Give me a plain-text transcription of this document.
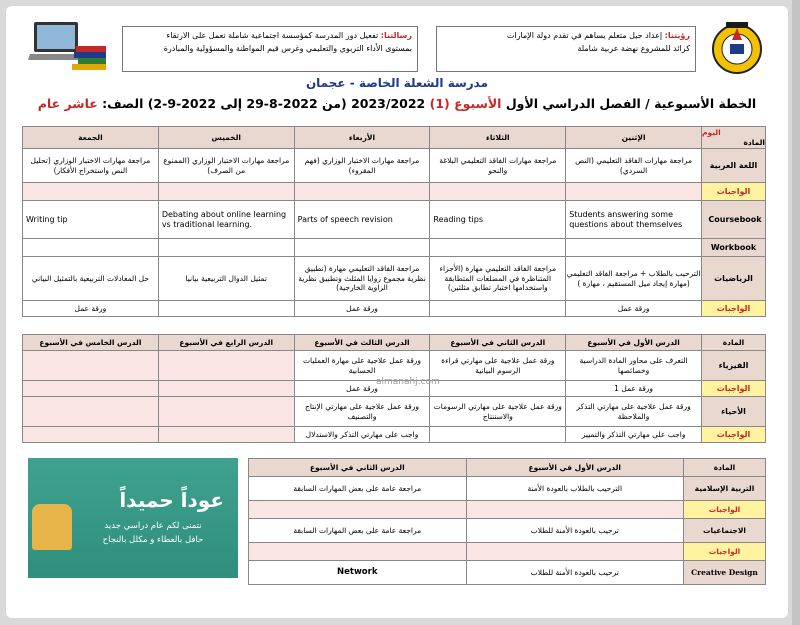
رؤيتنا: إعداد جيل متعلم يساهم في تقدم دولة الإمارات
كرائد للمشروع نهضة عربية شاملة
رسالتنا: تفعيل دور المدرسة كمؤسسة اجتماعية شاملة تعمل على الارتقاء
بمستوى الأداء التربوي والتعليمي وغرس قيم المواطنة والمسؤولية والمبادرة
مدرسة الشعلة الخاصة - عجمان
الخطة الأسبوعية / الفصل الدراسي الأول الأسبوع (1) 2023/2022 (من 2022-8-29 إلى 2022-9-2) الصف: عاشر عام
اليوم
المادة	الإثنين	الثلاثاء	الأربعاء	الخميس	الجمعة
اللغة العربية	مراجعة مهارات الفاقد التعليمي (النص السردي)	مراجعة مهارات الفاقد التعليمي البلاغة والنحو	مراجعة مهارات الاختبار الوزاري (فهم المقروء)	مراجعة مهارات الاختبار الوزاري (الممنوع من الصرف)	مراجعة مهارات الاختبار الوزاري (تحليل النص واستخراج الأفكار)
الواجبات					
Coursebook	Students answering some questions about themselves	Reading tips	Parts of speech revision	Debating about online learning vs traditional learning.	Writing tip
Workbook					
الرياضيات	الترحيب بالطلاب + مراجعة الفاقد التعليمي (مهارة إيجاد ميل المستقيم ، مهارة )	مراجعة الفاقد التعليمي مهارة (الأجزاء المتناظرة في المضلعات المتطابقة واستخدامها اختبار تطابق مثلثين)	مراجعة الفاقد التعليمي مهارة (تطبيق نظرية مجموع زوايا المثلث وتطبيق نظرية الزاوية الخارجية)	تمثيل الدوال التربيعية بيانيا	حل المعادلات التربيعية بالتمثيل البياني
الواجبات	ورقة عمل		ورقة عمل		ورقة عمل
المادة	الدرس الأول في الأسبوع	الدرس الثاني في الأسبوع	الدرس الثالث في الأسبوع	الدرس الرابع في الأسبوع	الدرس الخامس في الأسبوع
الفيزياء	التعرف على محاور المادة الدراسية وخصائصها	ورقة عمل علاجية على مهارتي قراءة الرسوم البيانية	ورقة عمل علاجية على مهارة العمليات الحسابية		
الواجبات	ورقة عمل 1		ورقة عمل		
الأحياء	ورقة عمل علاجية على مهارتي التذكر والملاحظة	ورقة عمل علاجية على مهارتي الرسومات والاستنتاج	ورقة عمل علاجية على مهارتي الإنتاج والتصنيف		
الواجبات	واجب على مهارتي التذكر والتمييز		واجب على مهارتي التذكر والاستدلال		
almanahj.com
عوداً حميداً
نتمنى لكم عام دراسي جديد
حافل بالعطاء و مكلل بالنجاح
المادة	الدرس الأول في الأسبوع	الدرس الثاني في الأسبوع
التربية الإسلامية	الترحيب بالطلاب بالعودة الأمنة	مراجعة عامة على بعض المهارات السابقة
الواجبات		
الاجتماعيات	ترحيب بالعودة الأمنة للطلاب	مراجعة عامة على بعض المهارات السابقة
الواجبات		
Creative Design	ترحيب بالعودة الأمنة للطلاب	Network
